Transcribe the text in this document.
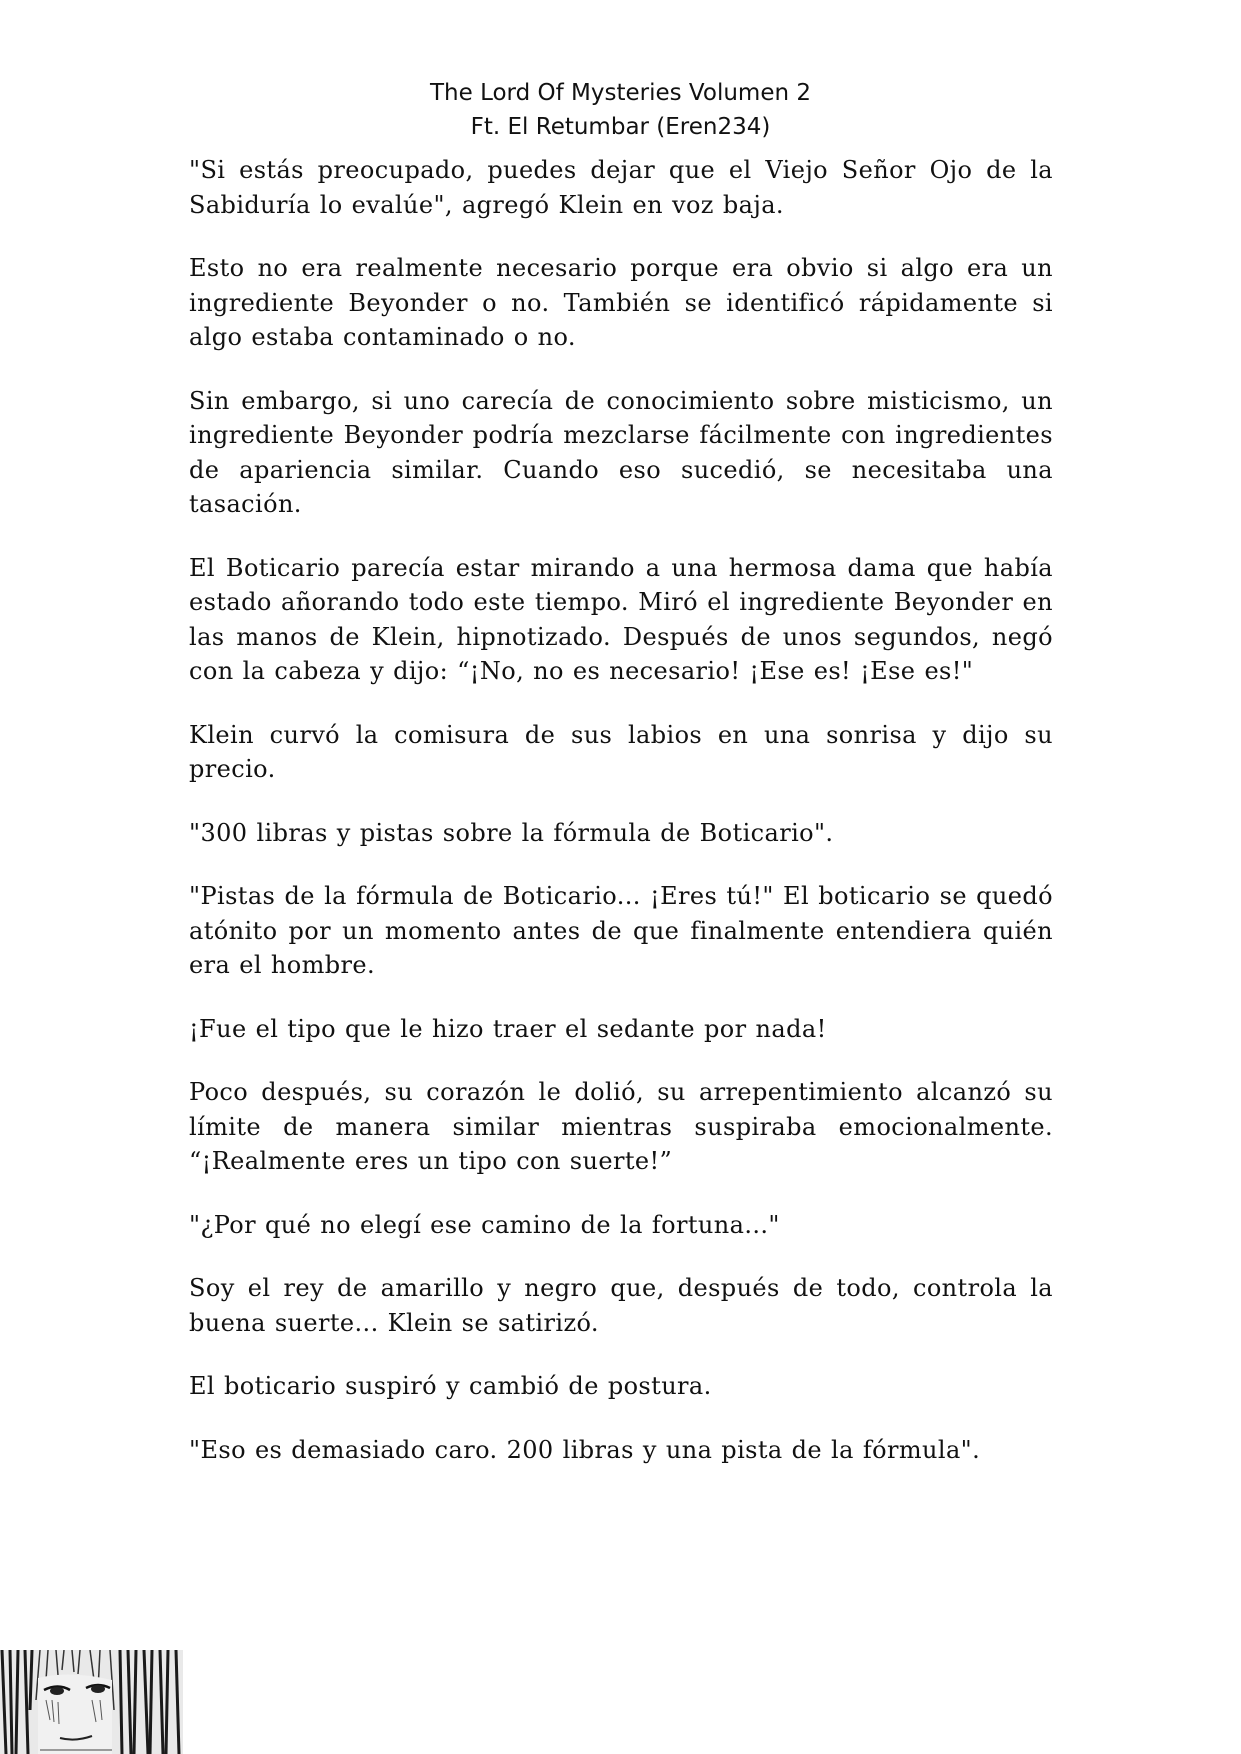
The Lord Of Mysteries Volumen 2
Ft. El Retumbar (Eren234)

"Si estás preocupado, puedes dejar que el Viejo Señor Ojo de la Sabiduría lo evalúe", agregó Klein en voz baja.

Esto no era realmente necesario porque era obvio si algo era un ingrediente Beyonder o no. También se identificó rápidamente si algo estaba contaminado o no.

Sin embargo, si uno carecía de conocimiento sobre misticismo, un ingrediente Beyonder podría mezclarse fácilmente con ingredientes de apariencia similar. Cuando eso sucedió, se necesitaba una tasación.

El Boticario parecía estar mirando a una hermosa dama que había estado añorando todo este tiempo. Miró el ingrediente Beyonder en las manos de Klein, hipnotizado. Después de unos segundos, negó con la cabeza y dijo: “¡No, no es necesario! ¡Ese es! ¡Ese es!"

Klein curvó la comisura de sus labios en una sonrisa y dijo su precio.

"300 libras y pistas sobre la fórmula de Boticario".

"Pistas de la fórmula de Boticario... ¡Eres tú!" El boticario se quedó atónito por un momento antes de que finalmente entendiera quién era el hombre.

¡Fue el tipo que le hizo traer el sedante por nada!

Poco después, su corazón le dolió, su arrepentimiento alcanzó su límite de manera similar mientras suspiraba emocionalmente. “¡Realmente eres un tipo con suerte!”

"¿Por qué no elegí ese camino de la fortuna..."

Soy el rey de amarillo y negro que, después de todo, controla la buena suerte... Klein se satirizó.

El boticario suspiró y cambió de postura.

"Eso es demasiado caro. 200 libras y una pista de la fórmula".
